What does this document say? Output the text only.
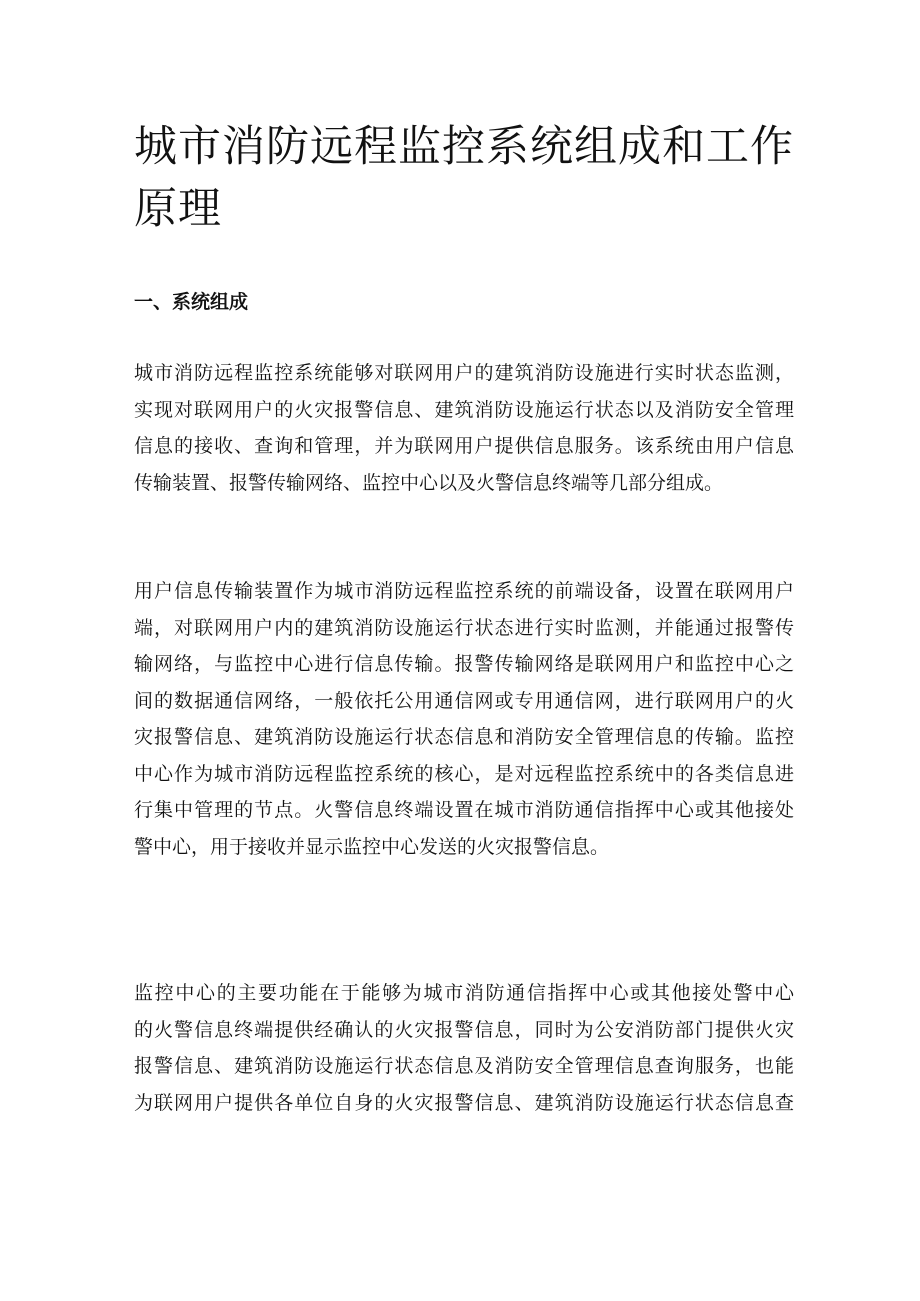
城市消防远程监控系统组成和工作原理
一、系统组成
城市消防远程监控系统能够对联网用户的建筑消防设施进行实时状态监测，
实现对联网用户的火灾报警信息、建筑消防设施运行状态以及消防安全管理
信息的接收、查询和管理，并为联网用户提供信息服务。该系统由用户信息
传输装置、报警传输网络、监控中心以及火警信息终端等几部分组成。
用户信息传输装置作为城市消防远程监控系统的前端设备，设置在联网用户
端，对联网用户内的建筑消防设施运行状态进行实时监测，并能通过报警传
输网络，与监控中心进行信息传输。报警传输网络是联网用户和监控中心之
间的数据通信网络，一般依托公用通信网或专用通信网，进行联网用户的火
灾报警信息、建筑消防设施运行状态信息和消防安全管理信息的传输。监控
中心作为城市消防远程监控系统的核心，是对远程监控系统中的各类信息进
行集中管理的节点。火警信息终端设置在城市消防通信指挥中心或其他接处
警中心，用于接收并显示监控中心发送的火灾报警信息。
监控中心的主要功能在于能够为城市消防通信指挥中心或其他接处警中心
的火警信息终端提供经确认的火灾报警信息，同时为公安消防部门提供火灾
报警信息、建筑消防设施运行状态信息及消防安全管理信息查询服务，也能
为联网用户提供各单位自身的火灾报警信息、建筑消防设施运行状态信息查
